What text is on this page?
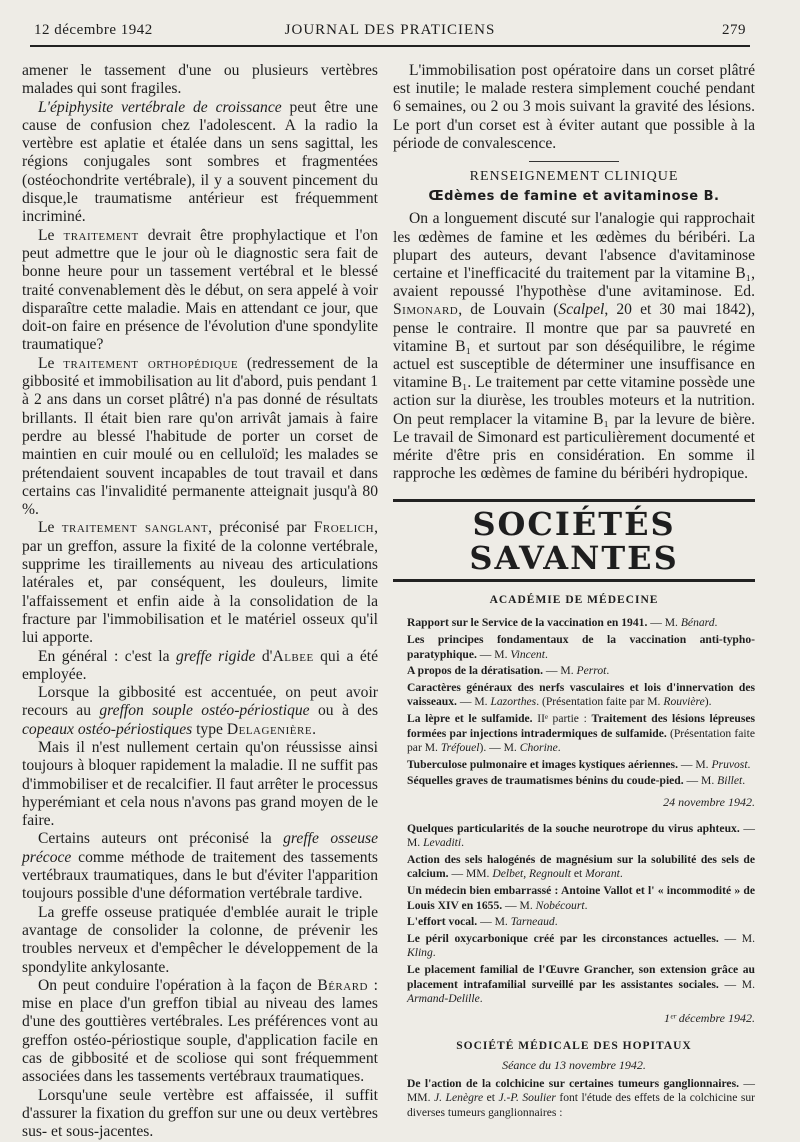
12 décembre 1942	JOURNAL DES PRATICIENS	279

amener le tassement d'une ou plusieurs vertèbres malades qui sont fragiles.

L'épiphysite vertébrale de croissance peut être une cause de confusion chez l'adolescent. A la radio la vertèbre est aplatie et étalée dans un sens sagittal, les régions conjugales sont sombres et fragmentées (ostéochondrite vertébrale), il y a souvent pincement du disque,le traumatisme antérieur est fréquemment incriminé.

Le traitement devrait être prophylactique et l'on peut admettre que le jour où le diagnostic sera fait de bonne heure pour un tassement vertébral et le blessé traité convenablement dès le début, on sera appelé à voir disparaître cette maladie. Mais en attendant ce jour, que doit-on faire en présence de l'évolution d'une spondylite traumatique?

Le traitement orthopédique (redressement de la gibbosité et immobilisation au lit d'abord, puis pendant 1 à 2 ans dans un corset plâtré) n'a pas donné de résultats brillants. Il était bien rare qu'on arrivât jamais à faire perdre au blessé l'habitude de porter un corset de maintien en cuir moulé ou en celluloïd; les malades se prétendaient souvent incapables de tout travail et dans certains cas l'invalidité permanente atteignait jusqu'à 80 %.

Le traitement sanglant, préconisé par Froelich, par un greffon, assure la fixité de la colonne vertébrale, supprime les tiraillements au niveau des articulations latérales et, par conséquent, les douleurs, limite l'affaissement et enfin aide à la consolidation de la fracture par l'immobilisation et le matériel osseux qu'il lui apporte.

En général : c'est la greffe rigide d'Albee qui a été employée.

Lorsque la gibbosité est accentuée, on peut avoir recours au greffon souple ostéo-périostique ou à des copeaux ostéo-périostiques type Delagenière.

Mais il n'est nullement certain qu'on réussisse ainsi toujours à bloquer rapidement la maladie. Il ne suffit pas d'immobiliser et de recalcifier. Il faut arrêter le processus hyperémiant et cela nous n'avons pas grand moyen de le faire.

Certains auteurs ont préconisé la greffe osseuse précoce comme méthode de traitement des tassements vertébraux traumatiques, dans le but d'éviter l'apparition toujours possible d'une déformation vertébrale tardive.

La greffe osseuse pratiquée d'emblée aurait le triple avantage de consolider la colonne, de prévenir les troubles nerveux et d'empêcher le développement de la spondylite ankylosante.

On peut conduire l'opération à la façon de Bérard : mise en place d'un greffon tibial au niveau des lames d'une des gouttières vertébrales. Les préférences vont au greffon ostéo-périostique souple, d'application facile en cas de gibbosité et de scoliose qui sont fréquemment associées dans les tassements vertébraux traumatiques.

Lorsqu'une seule vertèbre est affaissée, il suffit d'assurer la fixation du greffon sur une ou deux vertèbres sus- et sous-jacentes.

L'immobilisation post opératoire dans un corset plâtré est inutile; le malade restera simplement couché pendant 6 semaines, ou 2 ou 3 mois suivant la gravité des lésions. Le port d'un corset est à éviter autant que possible à la période de convalescence.

RENSEIGNEMENT CLINIQUE
Œdèmes de famine et avitaminose B.

On a longuement discuté sur l'analogie qui rapprochait les œdèmes de famine et les œdèmes du béribéri. La plupart des auteurs, devant l'absence d'avitaminose certaine et l'inefficacité du traitement par la vitamine B₁, avaient repoussé l'hypothèse d'une avitaminose. Ed. Simonard, de Louvain (Scalpel, 20 et 30 mai 1842), pense le contraire. Il montre que par sa pauvreté en vitamine B₁ et surtout par son déséquilibre, le régime actuel est susceptible de déterminer une insuffisance en vitamine B₁. Le traitement par cette vitamine possède une action sur la diurèse, les troubles moteurs et la nutrition. On peut remplacer la vitamine B₁ par la levure de bière. Le travail de Simonard est particulièrement documenté et mérite d'être pris en considération. En somme il rapproche les œdèmes de famine du béribéri hydropique.

SOCIÉTÉS SAVANTES
ACADÉMIE DE MÉDECINE

Rapport sur le Service de la vaccination en 1941. — M. Bénard.

Les principes fondamentaux de la vaccination anti-typho-paratyphique. — M. Vincent.

A propos de la dératisation. — M. Perrot.

Caractères généraux des nerfs vasculaires et lois d'innervation des vaisseaux. — M. Lazorthes. (Présentation faite par M. Rouvière).

La lèpre et le sulfamide. IIᵉ partie : Traitement des lésions lépreuses formées par injections intradermiques de sulfamide. (Présentation faite par M. Tréfouel). — M. Chorine.

Tuberculose pulmonaire et images kystiques aériennes. — M. Pruvost.

Séquelles graves de traumatismes bénins du coude-pied. — M. Billet.

24 novembre 1942.

Quelques particularités de la souche neurotrope du virus aphteux. — M. Levaditi.

Action des sels halogénés de magnésium sur la solubilité des sels de calcium. — MM. Delbet, Regnoult et Morant.

Un médecin bien embarrassé : Antoine Vallot et l' « incommodité » de Louis XIV en 1655. — M. Nobécourt.

L'effort vocal. — M. Tarneaud.

Le péril oxycarbonique créé par les circonstances actuelles. — M. Kling.

Le placement familial de l'Œuvre Grancher, son extension grâce au placement intrafamilial surveillé par les assistantes sociales. — M. Armand-Delille.

1ᵉʳ décembre 1942.
SOCIÉTÉ MÉDICALE DES HOPITAUX
Séance du 13 novembre 1942.

De l'action de la colchicine sur certaines tumeurs ganglionnaires. — MM. J. Lenègre et J.-P. Soulier font l'étude des effets de la colchicine sur diverses tumeurs ganglionnaires :
